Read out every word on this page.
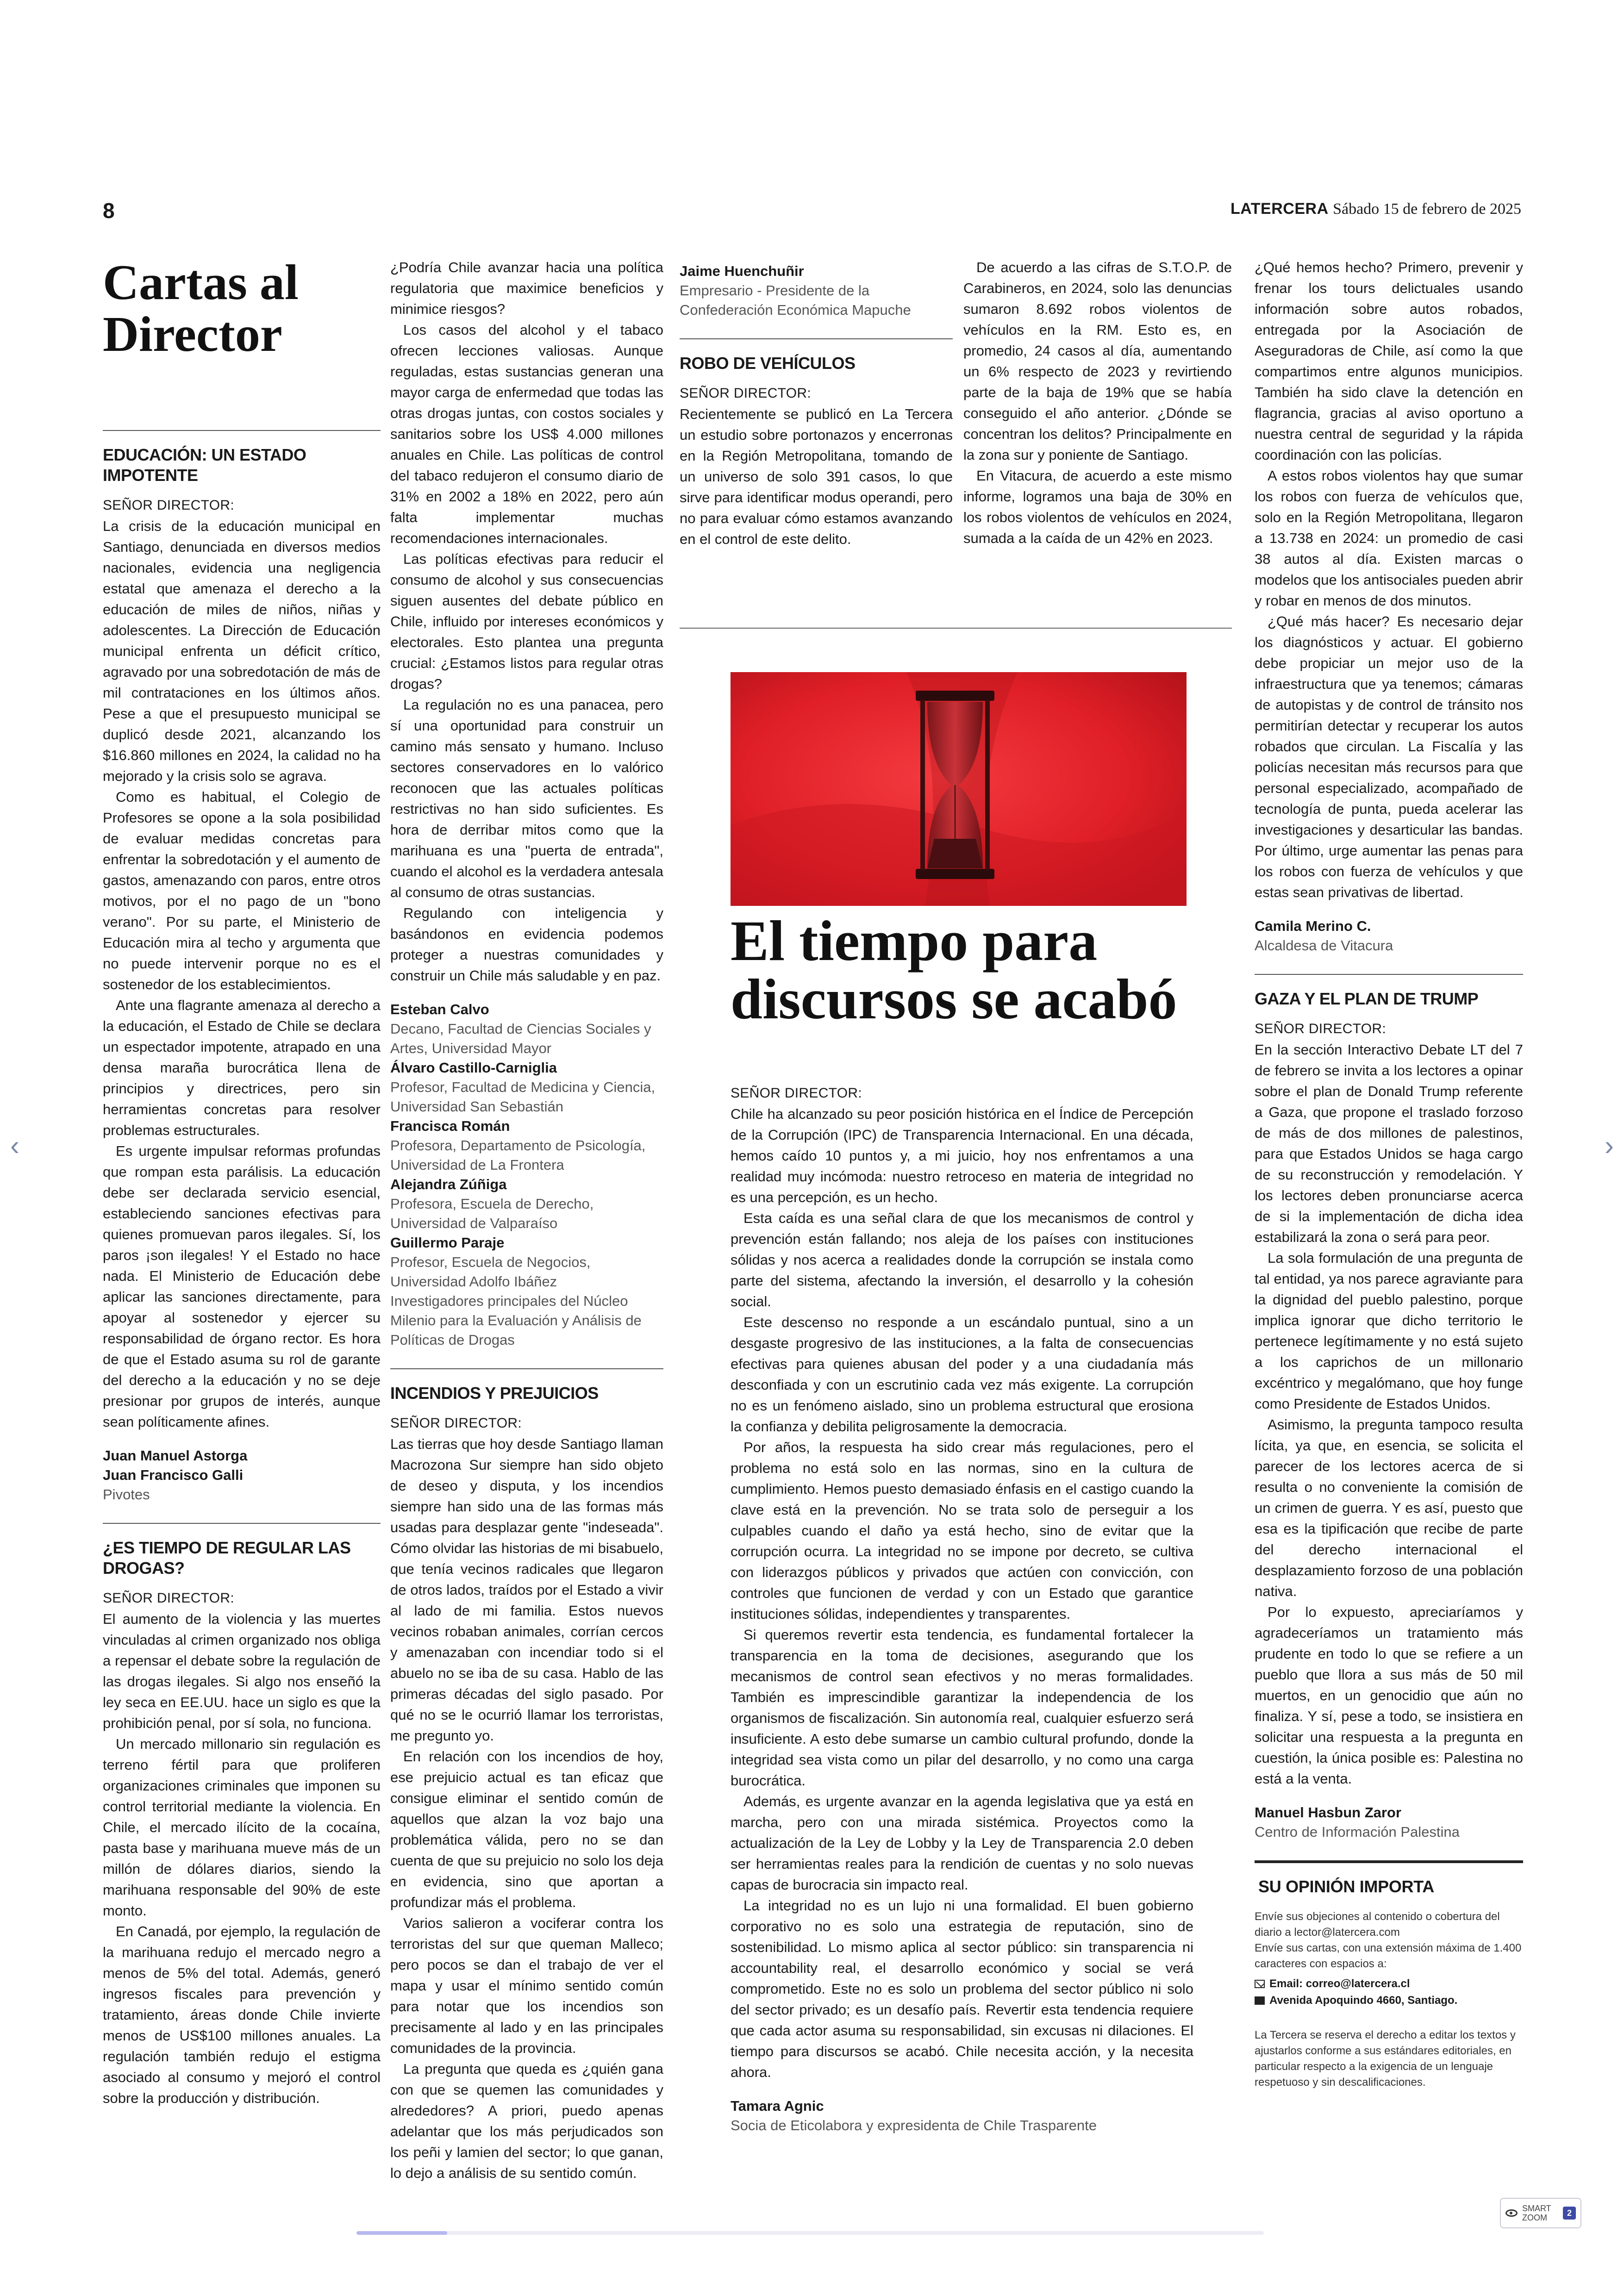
8	LATERCERA Sábado 15 de febrero de 2025
Cartas al Director
EDUCACIÓN: UN ESTADO IMPOTENTE

SEÑOR DIRECTOR:

La crisis de la educación municipal en Santiago, denunciada en diversos medios nacionales, evidencia una negligencia estatal que amenaza el derecho a la educación de miles de niños, niñas y adolescentes. La Dirección de Educación municipal enfrenta un déficit crítico, agravado por una sobredotación de más de mil contrataciones en los últimos años. Pese a que el presupuesto municipal se duplicó desde 2021, alcanzando los $16.860 millones en 2024, la calidad no ha mejorado y la crisis solo se agrava.

Como es habitual, el Colegio de Profesores se opone a la sola posibilidad de evaluar medidas concretas para enfrentar la sobredotación y el aumento de gastos, amenazando con paros, entre otros motivos, por el no pago de un "bono verano". Por su parte, el Ministerio de Educación mira al techo y argumenta que no puede intervenir porque no es el sostenedor de los establecimientos.

Ante una flagrante amenaza al derecho a la educación, el Estado de Chile se declara un espectador impotente, atrapado en una densa maraña burocrática llena de principios y directrices, pero sin herramientas concretas para resolver problemas estructurales.

Es urgente impulsar reformas profundas que rompan esta parálisis. La educación debe ser declarada servicio esencial, estableciendo sanciones efectivas para quienes promuevan paros ilegales. Sí, los paros ¡son ilegales! Y el Estado no hace nada. El Ministerio de Educación debe aplicar las sanciones directamente, para apoyar al sostenedor y ejercer su responsabilidad de órgano rector. Es hora de que el Estado asuma su rol de garante del derecho a la educación y no se deje presionar por grupos de interés, aunque sean políticamente afines.

Juan Manuel Astorga
Juan Francisco Galli
Pivotes
¿ES TIEMPO DE REGULAR LAS DROGAS?

SEÑOR DIRECTOR:

El aumento de la violencia y las muertes vinculadas al crimen organizado nos obliga a repensar el debate sobre la regulación de las drogas ilegales. Si algo nos enseñó la ley seca en EE.UU. hace un siglo es que la prohibición penal, por sí sola, no funciona.

Un mercado millonario sin regulación es terreno fértil para que proliferen organizaciones criminales que imponen su control territorial mediante la violencia. En Chile, el mercado ilícito de la cocaína, pasta base y marihuana mueve más de un millón de dólares diarios, siendo la marihuana responsable del 90% de este monto.

En Canadá, por ejemplo, la regulación de la marihuana redujo el mercado negro a menos de 5% del total. Además, generó ingresos fiscales para prevención y tratamiento, áreas donde Chile invierte menos de US$100 millones anuales. La regulación también redujo el estigma asociado al consumo y mejoró el control sobre la producción y distribución.

¿Podría Chile avanzar hacia una política regulatoria que maximice beneficios y minimice riesgos?

Los casos del alcohol y el tabaco ofrecen lecciones valiosas. Aunque reguladas, estas sustancias generan una mayor carga de enfermedad que todas las otras drogas juntas, con costos sociales y sanitarios sobre los US$ 4.000 millones anuales en Chile. Las políticas de control del tabaco redujeron el consumo diario de 31% en 2002 a 18% en 2022, pero aún falta implementar muchas recomendaciones internacionales.

Las políticas efectivas para reducir el consumo de alcohol y sus consecuencias siguen ausentes del debate público en Chile, influido por intereses económicos y electorales. Esto plantea una pregunta crucial: ¿Estamos listos para regular otras drogas?

La regulación no es una panacea, pero sí una oportunidad para construir un camino más sensato y humano. Incluso sectores conservadores en lo valórico reconocen que las actuales políticas restrictivas no han sido suficientes. Es hora de derribar mitos como que la marihuana es una "puerta de entrada", cuando el alcohol es la verdadera antesala al consumo de otras sustancias.

Regulando con inteligencia y basándonos en evidencia podemos proteger a nuestras comunidades y construir un Chile más saludable y en paz.

Esteban Calvo
Decano, Facultad de Ciencias Sociales y Artes, Universidad Mayor
Álvaro Castillo-Carniglia
Profesor, Facultad de Medicina y Ciencia, Universidad San Sebastián
Francisca Román
Profesora, Departamento de Psicología, Universidad de La Frontera
Alejandra Zúñiga
Profesora, Escuela de Derecho, Universidad de Valparaíso
Guillermo Paraje
Profesor, Escuela de Negocios, Universidad Adolfo Ibáñez
Investigadores principales del Núcleo Milenio para la Evaluación y Análisis de Políticas de Drogas
INCENDIOS Y PREJUICIOS

SEÑOR DIRECTOR:

Las tierras que hoy desde Santiago llaman Macrozona Sur siempre han sido objeto de deseo y disputa, y los incendios siempre han sido una de las formas más usadas para desplazar gente "indeseada". Cómo olvidar las historias de mi bisabuelo, que tenía vecinos radicales que llegaron de otros lados, traídos por el Estado a vivir al lado de mi familia. Estos nuevos vecinos robaban animales, corrían cercos y amenazaban con incendiar todo si el abuelo no se iba de su casa. Hablo de las primeras décadas del siglo pasado. Por qué no se le ocurrió llamar los terroristas, me pregunto yo.

En relación con los incendios de hoy, ese prejuicio actual es tan eficaz que consigue eliminar el sentido común de aquellos que alzan la voz bajo una problemática válida, pero no se dan cuenta de que su prejuicio no solo los deja en evidencia, sino que aportan a profundizar más el problema.

Varios salieron a vociferar contra los terroristas del sur que queman Malleco; pero pocos se dan el trabajo de ver el mapa y usar el mínimo sentido común para notar que los incendios son precisamente al lado y en las principales comunidades de la provincia.

La pregunta que queda es ¿quién gana con que se quemen las comunidades y alrededores? A priori, puedo apenas adelantar que los más perjudicados son los peñi y lamien del sector; lo que ganan, lo dejo a análisis de su sentido común.

Jaime Huenchuñir
Empresario - Presidente de la Confederación Económica Mapuche
ROBO DE VEHÍCULOS

SEÑOR DIRECTOR:

Recientemente se publicó en La Tercera un estudio sobre portonazos y encerronas en la Región Metropolitana, tomando de un universo de solo 391 casos, lo que sirve para identificar modus operandi, pero no para evaluar cómo estamos avanzando en el control de este delito.

De acuerdo a las cifras de S.T.O.P. de Carabineros, en 2024, solo las denuncias sumaron 8.692 robos violentos de vehículos en la RM. Esto es, en promedio, 24 casos al día, aumentando un 6% respecto de 2023 y revirtiendo parte de la baja de 19% que se había conseguido el año anterior. ¿Dónde se concentran los delitos? Principalmente en la zona sur y poniente de Santiago.

En Vitacura, de acuerdo a este mismo informe, logramos una baja de 30% en los robos violentos de vehículos en 2024, sumada a la caída de un 42% en 2023.

El tiempo para discursos se acabó

SEÑOR DIRECTOR:

Chile ha alcanzado su peor posición histórica en el Índice de Percepción de la Corrupción (IPC) de Transparencia Internacional. En una década, hemos caído 10 puntos y, a mi juicio, hoy nos enfrentamos a una realidad muy incómoda: nuestro retroceso en materia de integridad no es una percepción, es un hecho.

Esta caída es una señal clara de que los mecanismos de control y prevención están fallando; nos aleja de los países con instituciones sólidas y nos acerca a realidades donde la corrupción se instala como parte del sistema, afectando la inversión, el desarrollo y la cohesión social.

Este descenso no responde a un escándalo puntual, sino a un desgaste progresivo de las instituciones, a la falta de consecuencias efectivas para quienes abusan del poder y a una ciudadanía más desconfiada y con un escrutinio cada vez más exigente. La corrupción no es un fenómeno aislado, sino un problema estructural que erosiona la confianza y debilita peligrosamente la democracia.

Por años, la respuesta ha sido crear más regulaciones, pero el problema no está solo en las normas, sino en la cultura de cumplimiento. Hemos puesto demasiado énfasis en el castigo cuando la clave está en la prevención. No se trata solo de perseguir a los culpables cuando el daño ya está hecho, sino de evitar que la corrupción ocurra. La integridad no se impone por decreto, se cultiva con liderazgos públicos y privados que actúen con convicción, con controles que funcionen de verdad y con un Estado que garantice instituciones sólidas, independientes y transparentes.

Si queremos revertir esta tendencia, es fundamental fortalecer la transparencia en la toma de decisiones, asegurando que los mecanismos de control sean efectivos y no meras formalidades. También es imprescindible garantizar la independencia de los organismos de fiscalización. Sin autonomía real, cualquier esfuerzo será insuficiente. A esto debe sumarse un cambio cultural profundo, donde la integridad sea vista como un pilar del desarrollo, y no como una carga burocrática.

Además, es urgente avanzar en la agenda legislativa que ya está en marcha, pero con una mirada sistémica. Proyectos como la actualización de la Ley de Lobby y la Ley de Transparencia 2.0 deben ser herramientas reales para la rendición de cuentas y no solo nuevas capas de burocracia sin impacto real.

La integridad no es un lujo ni una formalidad. El buen gobierno corporativo no es solo una estrategia de reputación, sino de sostenibilidad. Lo mismo aplica al sector público: sin transparencia ni accountability real, el desarrollo económico y social se verá comprometido. Este no es solo un problema del sector público ni solo del sector privado; es un desafío país. Revertir esta tendencia requiere que cada actor asuma su responsabilidad, sin excusas ni dilaciones. El tiempo para discursos se acabó. Chile necesita acción, y la necesita ahora.

Tamara Agnic
Socia de Eticolabora y expresidenta de Chile Trasparente

¿Qué hemos hecho? Primero, prevenir y frenar los tours delictuales usando información sobre autos robados, entregada por la Asociación de Aseguradoras de Chile, así como la que compartimos entre algunos municipios. También ha sido clave la detención en flagrancia, gracias al aviso oportuno a nuestra central de seguridad y la rápida coordinación con las policías.

A estos robos violentos hay que sumar los robos con fuerza de vehículos que, solo en la Región Metropolitana, llegaron a 13.738 en 2024: un promedio de casi 38 autos al día. Existen marcas o modelos que los antisociales pueden abrir y robar en menos de dos minutos.

¿Qué más hacer? Es necesario dejar los diagnósticos y actuar. El gobierno debe propiciar un mejor uso de la infraestructura que ya tenemos; cámaras de autopistas y de control de tránsito nos permitirían detectar y recuperar los autos robados que circulan. La Fiscalía y las policías necesitan más recursos para que personal especializado, acompañado de tecnología de punta, pueda acelerar las investigaciones y desarticular las bandas. Por último, urge aumentar las penas para los robos con fuerza de vehículos y que estas sean privativas de libertad.

Camila Merino C.
Alcaldesa de Vitacura
GAZA Y EL PLAN DE TRUMP

SEÑOR DIRECTOR:

En la sección Interactivo Debate LT del 7 de febrero se invita a los lectores a opinar sobre el plan de Donald Trump referente a Gaza, que propone el traslado forzoso de más de dos millones de palestinos, para que Estados Unidos se haga cargo de su reconstrucción y remodelación. Y los lectores deben pronunciarse acerca de si la implementación de dicha idea estabilizará la zona o será para peor.

La sola formulación de una pregunta de tal entidad, ya nos parece agraviante para la dignidad del pueblo palestino, porque implica ignorar que dicho territorio le pertenece legítimamente y no está sujeto a los caprichos de un millonario excéntrico y megalómano, que hoy funge como Presidente de Estados Unidos.

Asimismo, la pregunta tampoco resulta lícita, ya que, en esencia, se solicita el parecer de los lectores acerca de si resulta o no conveniente la comisión de un crimen de guerra. Y es así, puesto que esa es la tipificación que recibe de parte del derecho internacional el desplazamiento forzoso de una población nativa.

Por lo expuesto, apreciaríamos y agradeceríamos un tratamiento más prudente en todo lo que se refiere a un pueblo que llora a sus más de 50 mil muertos, en un genocidio que aún no finaliza. Y sí, pese a todo, se insistiera en solicitar una respuesta a la pregunta en cuestión, la única posible es: Palestina no está a la venta.

Manuel Hasbun Zaror
Centro de Información Palestina
SU OPINIÓN IMPORTA
Envíe sus objeciones al contenido o cobertura del diario a lector@latercera.com
Envíe sus cartas, con una extensión máxima de 1.400 caracteres con espacios a:
Email: correo@latercera.cl
Avenida Apoquindo 4660, Santiago.
La Tercera se reserva el derecho a editar los textos y ajustarlos conforme a sus estándares editoriales, en particular respecto a la exigencia de un lenguaje respetuoso y sin descalificaciones.
‹	›
SMART
ZOOM	2
